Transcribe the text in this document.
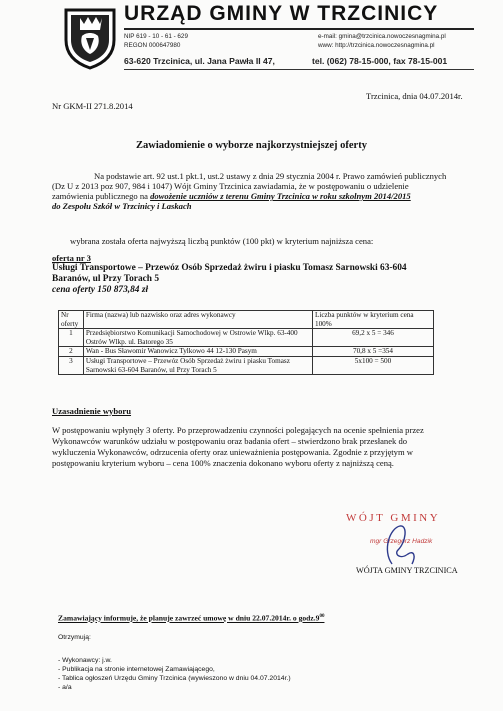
URZĄD GMINY W TRZCINICY
NIP 619 - 10 - 61 - 629
REGON 000647980
e-mail: gmina@trzcinica.nowoczesnagmina.pl
www: http://trzcinica.nowoczesnagmina.pl
63-620 Trzcinica, ul. Jana Pawła II 47,	tel. (062) 78-15-000, fax 78-15-001
Trzcinica, dnia 04.07.2014r.
Nr GKM-II 271.8.2014
Zawiadomienie o wyborze najkorzystniejszej oferty
Na podstawie art. 92 ust.1 pkt.1, ust.2 ustawy z dnia 29 stycznia 2004 r. Prawo zamówień publicznych
(Dz U z 2013 poz 907, 984 i 1047) Wójt Gminy Trzcinica zawiadamia, że w postępowaniu o udzielenie
zamówienia publicznego na dowożenie uczniów z terenu Gminy Trzcinica w roku szkolnym 2014/2015
do Zespołu Szkół w Trzcinicy i Laskach
wybrana została oferta najwyższą liczbą punktów (100 pkt) w kryterium najniższa cena:
oferta nr 3
Usługi Transportowe – Przewóz Osób Sprzedaż żwiru i piasku Tomasz Sarnowski 63-604
Baranów, ul Przy Torach 5
cena oferty 150 873,84 zł
Nr oferty	Firma (nazwa) lub nazwisko oraz adres wykonawcy	Liczba punktów w kryterium cena 100%
1	Przedsiębiorstwo Komunikacji Samochodowej w Ostrowie Wlkp. 63-400 Ostrów Wlkp. ul. Batorego 35	69,2 x 5 = 346
2	Wan - Bus Sławomir Wanowicz Tylkowo 44 12-130 Pasym	70,8 x 5 =354
3	Usługi Transportowe – Przewóz Osób Sprzedaż żwiru i piasku Tomasz Sarnowski 63-604 Baranów, ul Przy Torach 5	5x100 = 500
Uzasadnienie wyboru
W postępowaniu wpłynęły 3 oferty. Po przeprowadzeniu czynności polegających na ocenie spełnienia przez
Wykonawców warunków udziału w postępowaniu oraz badania ofert – stwierdzono brak przesłanek do
wykluczenia Wykonawców, odrzucenia oferty oraz unieważnienia postępowania. Zgodnie z przyjętym w
postępowaniu kryterium wyboru – cena 100% znaczenia dokonano wyboru oferty z najniższą ceną.
WÓJT GMINY
mgr Grzegorz Hadzik
WÓJTA GMINY TRZCINICA
Zamawiający informuje, że planuje zawrzeć umowę w dniu 22.07.2014r. o $godz.9^{00}$
Otrzymują:
- Wykonawcy: j.w.
- Publikacja na stronie internetowej Zamawiającego,
- Tablica ogłoszeń Urzędu Gminy Trzcinica (wywieszono w dniu 04.07.2014r.)
- a/a
